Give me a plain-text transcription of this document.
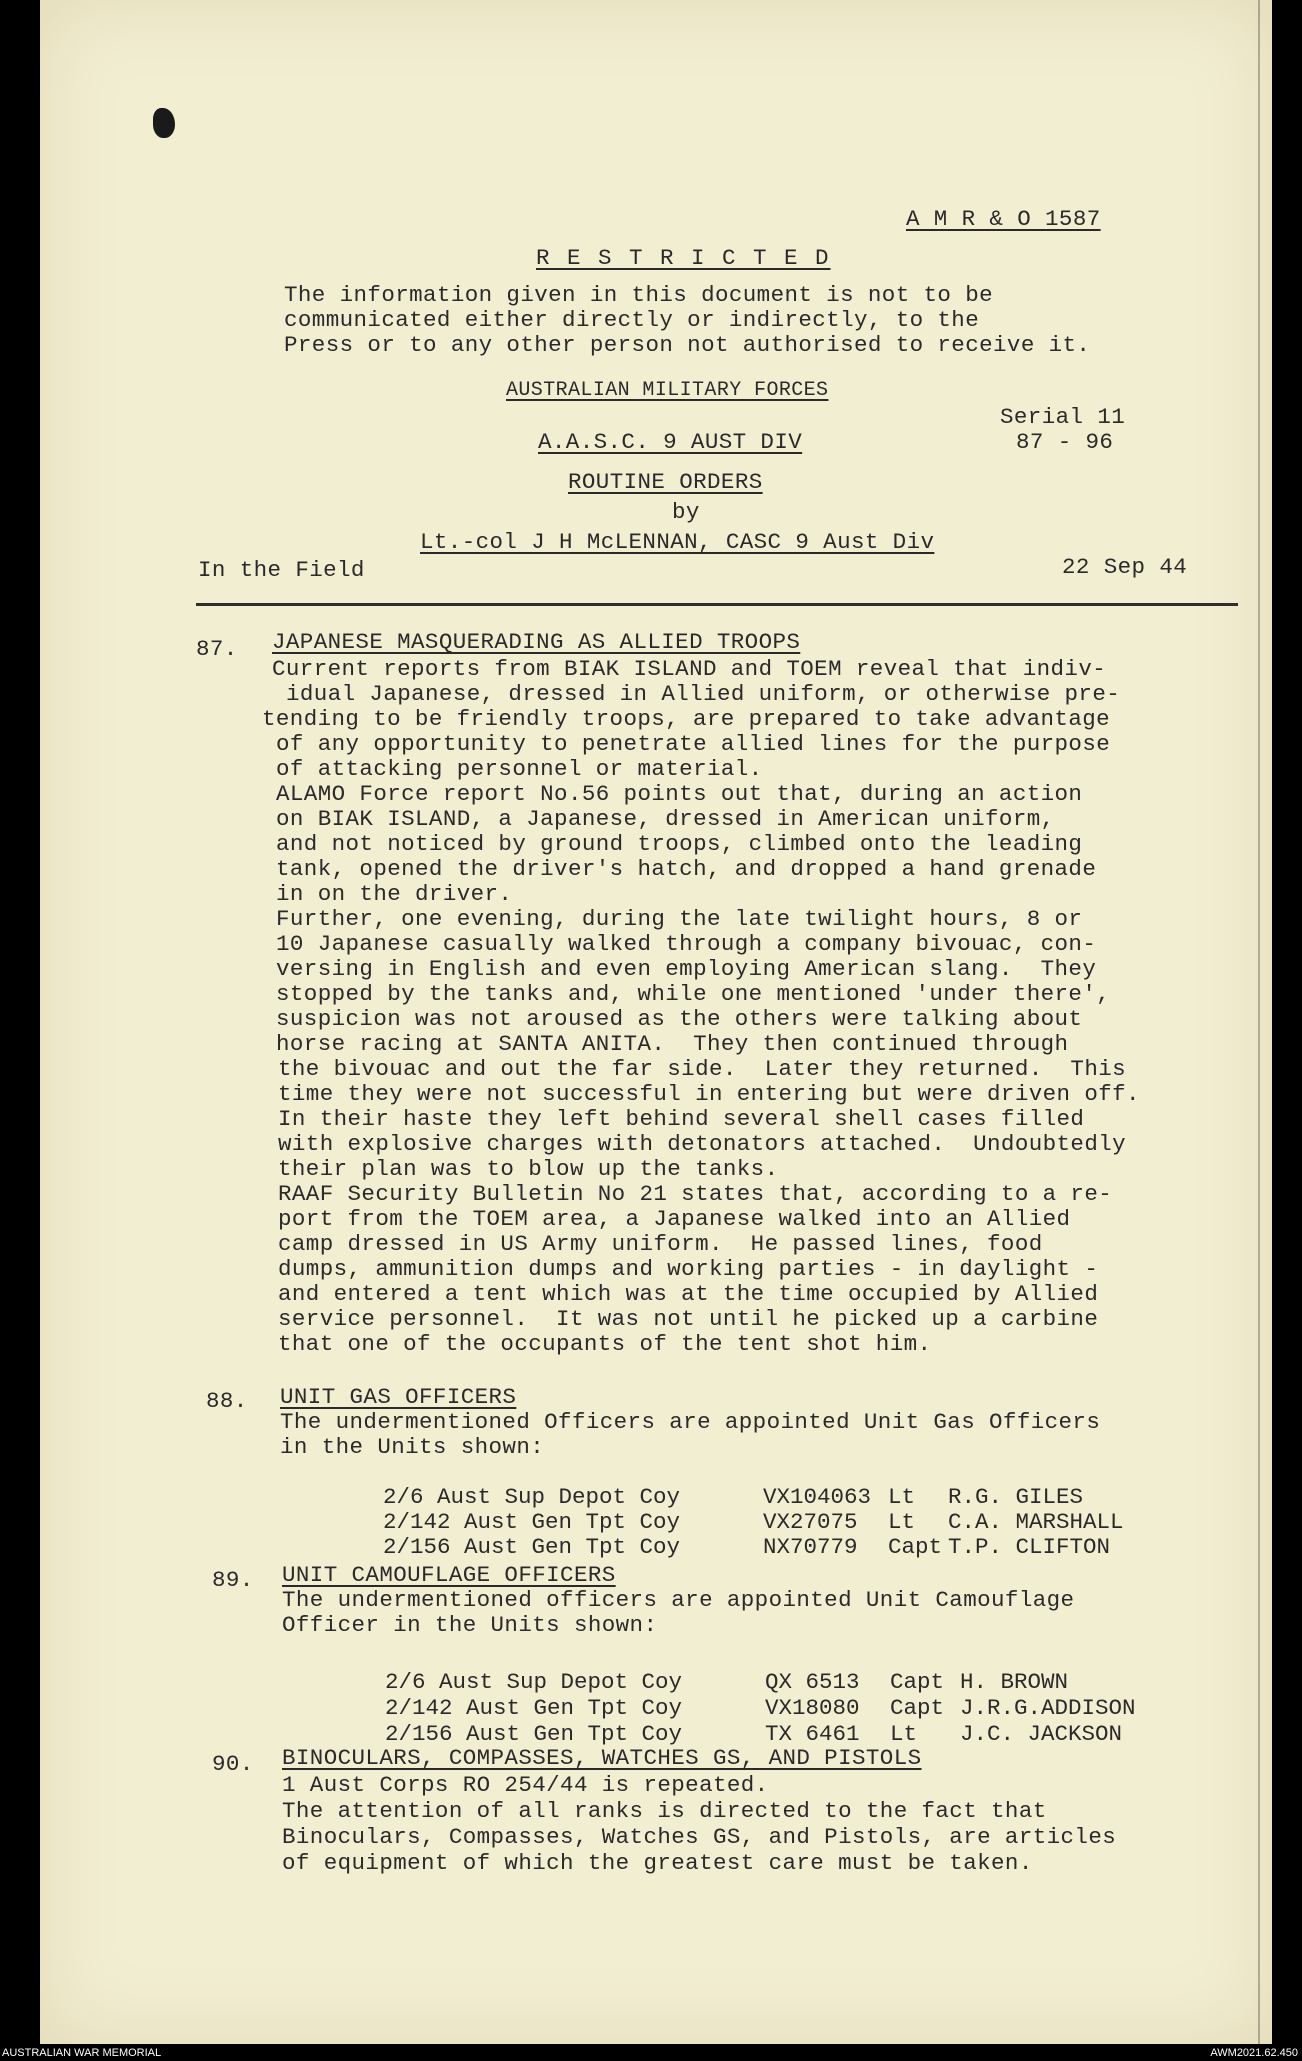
A M R & O 1587
R E S T R I C T E D
The information given in this document is not to be
communicated either directly or indirectly, to the
Press or to any other person not authorised to receive it.
AUSTRALIAN MILITARY FORCES
Serial 11
A.A.S.C. 9 AUST DIV	87 - 96
ROUTINE ORDERS
by
Lt.-col J H McLENNAN, CASC 9 Aust Div
In the Field	22 Sep 44
87. JAPANESE MASQUERADING AS ALLIED TROOPS
Current reports from BIAK ISLAND and TOEM reveal that indiv-
idual Japanese, dressed in Allied uniform, or otherwise pre-
tending to be friendly troops, are prepared to take advantage
of any opportunity to penetrate allied lines for the purpose
of attacking personnel or material.
ALAMO Force report No.56 points out that, during an action
on BIAK ISLAND, a Japanese, dressed in American uniform,
and not noticed by ground troops, climbed onto the leading
tank, opened the driver's hatch, and dropped a hand grenade
in on the driver.
Further, one evening, during the late twilight hours, 8 or
10 Japanese casually walked through a company bivouac, con-
versing in English and even employing American slang.  They
stopped by the tanks and, while one mentioned 'under there',
suspicion was not aroused as the others were talking about
horse racing at SANTA ANITA.  They then continued through
the bivouac and out the far side.  Later they returned.  This
time they were not successful in entering but were driven off.
In their haste they left behind several shell cases filled
with explosive charges with detonators attached.  Undoubtedly
their plan was to blow up the tanks.
RAAF Security Bulletin No 21 states that, according to a re-
port from the TOEM area, a Japanese walked into an Allied
camp dressed in US Army uniform.  He passed lines, food
dumps, ammunition dumps and working parties - in daylight -
and entered a tent which was at the time occupied by Allied
service personnel.  It was not until he picked up a carbine
that one of the occupants of the tent shot him.
88. UNIT GAS OFFICERS
The undermentioned Officers are appointed Unit Gas Officers
in the Units shown:

2/6 Aust Sup Depot Coy	VX104063 Lt R.G. GILES

2/142 Aust Gen Tpt Coy	VX27075 Lt C.A. MARSHALL

2/156 Aust Gen Tpt Coy	NX70779 Capt T.P. CLIFTON

89. UNIT CAMOUFLAGE OFFICERS
The undermentioned officers are appointed Unit Camouflage
Officer in the Units shown:

2/6 Aust Sup Depot Coy	QX 6513 Capt H. BROWN

2/142 Aust Gen Tpt Coy	VX18080 Capt J.R.G.ADDISON

2/156 Aust Gen Tpt Coy	TX 6461 Lt J.C. JACKSON

90. BINOCULARS, COMPASSES, WATCHES GS, AND PISTOLS
1 Aust Corps RO 254/44 is repeated.
The attention of all ranks is directed to the fact that
Binoculars, Compasses, Watches GS, and Pistols, are articles
of equipment of which the greatest care must be taken.
AUSTRALIAN WAR MEMORIAL	AWM2021.62.450
